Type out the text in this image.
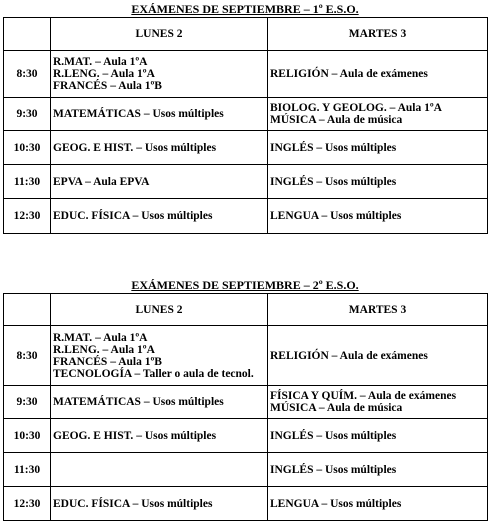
EXÁMENES DE SEPTIEMBRE – 1º E.S.O.
	LUNES 2	MARTES 3
8:30	R.MAT. – Aula 1ºA
R.LENG. – Aula 1ºA
FRANCÉS – Aula 1ºB	RELIGIÓN – Aula de exámenes

9:30	MATEMÁTICAS – Usos múltiples	BIOLOG. Y GEOLOG. – Aula 1ºA
MÚSICA – Aula de música

10:30	GEOG. E HIST. – Usos múltiples	INGLÉS – Usos múltiples

11:30	EPVA – Aula EPVA	INGLÉS – Usos múltiples

12:30	EDUC. FÍSICA – Usos múltiples	LENGUA – Usos múltiples
EXÁMENES DE SEPTIEMBRE – 2º E.S.O.
	LUNES 2	MARTES 3
8:30	R.MAT. – Aula 1ºA
R.LENG. – Aula 1ºA
FRANCÉS – Aula 1ºB
TECNOLOGÍA – Taller o aula de tecnol.	RELIGIÓN – Aula de exámenes

9:30	MATEMÁTICAS – Usos múltiples	FÍSICA Y QUÍM. – Aula de exámenes
MÚSICA – Aula de música

10:30	GEOG. E HIST. – Usos múltiples	INGLÉS – Usos múltiples

11:30		INGLÉS – Usos múltiples

12:30	EDUC. FÍSICA – Usos múltiples	LENGUA – Usos múltiples
